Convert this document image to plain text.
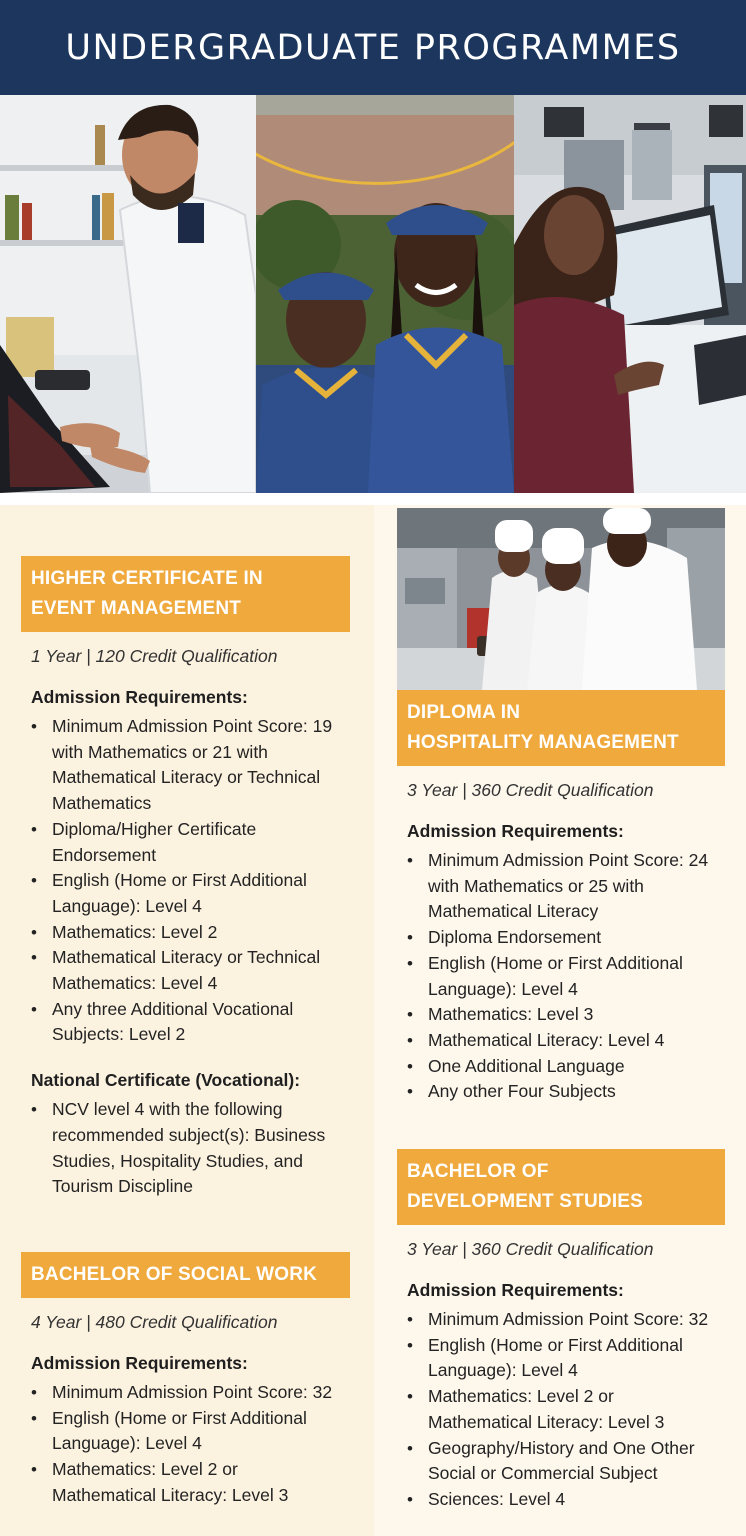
UNDERGRADUATE PROGRAMMES
HIGHER CERTIFICATE IN
EVENT MANAGEMENT
1 Year | 120 Credit Qualification
Admission Requirements:
• Minimum Admission Point Score: 19 with Mathematics or 21 with Mathematical Literacy or Technical Mathematics
• Diploma/Higher Certificate Endorsement
• English (Home or First Additional Language): Level 4
• Mathematics: Level 2
• Mathematical Literacy or Technical Mathematics: Level 4
• Any three Additional Vocational Subjects: Level 2
National Certificate (Vocational):
• NCV level 4 with the following recommended subject(s): Business Studies, Hospitality Studies, and Tourism Discipline
BACHELOR OF SOCIAL WORK
4 Year | 480 Credit Qualification
Admission Requirements:
• Minimum Admission Point Score: 32
• English (Home or First Additional Language): Level 4
• Mathematics: Level 2 or Mathematical Literacy: Level 3
DIPLOMA IN
HOSPITALITY MANAGEMENT
3 Year | 360 Credit Qualification
Admission Requirements:
• Minimum Admission Point Score: 24 with Mathematics or 25 with Mathematical Literacy
• Diploma Endorsement
• English (Home or First Additional Language): Level 4
• Mathematics: Level 3
• Mathematical Literacy: Level 4
• One Additional Language
• Any other Four Subjects
BACHELOR OF
DEVELOPMENT STUDIES
3 Year | 360 Credit Qualification
Admission Requirements:
• Minimum Admission Point Score: 32
• English (Home or First Additional Language): Level 4
• Mathematics: Level 2 or Mathematical Literacy: Level 3
• Geography/History and One Other Social or Commercial Subject
• Sciences: Level 4
